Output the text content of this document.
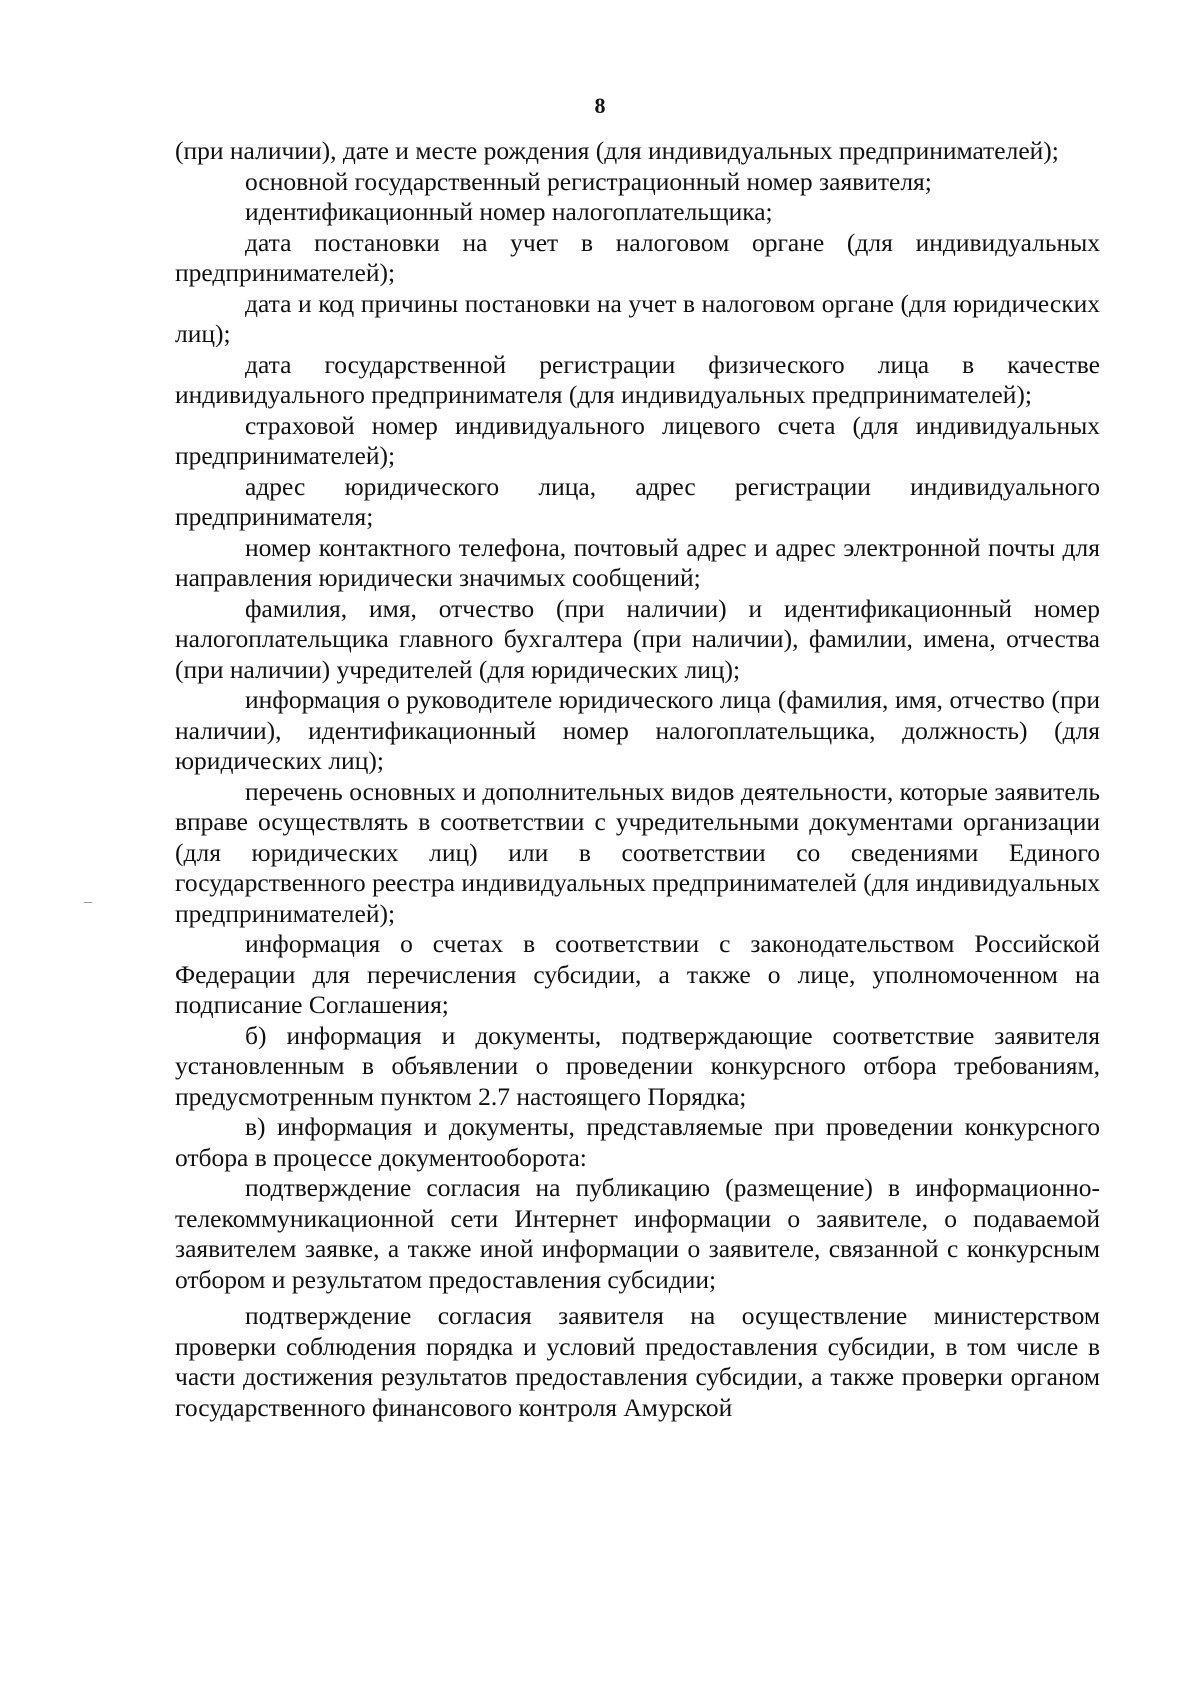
8

(при наличии), дате и месте рождения (для индивидуальных предпринимателей);

основной государственный регистрационный номер заявителя;

идентификационный номер налогоплательщика;

дата постановки на учет в налоговом органе (для индивидуальных предпринимателей);

дата и код причины постановки на учет в налоговом органе (для юридических лиц);

дата государственной регистрации физического лица в качестве индивидуального предпринимателя (для индивидуальных предпринимателей);

страховой номер индивидуального лицевого счета (для индивидуальных предпринимателей);

адрес юридического лица, адрес регистрации индивидуального предпринимателя;

номер контактного телефона, почтовый адрес и адрес электронной почты для направления юридически значимых сообщений;

фамилия, имя, отчество (при наличии) и идентификационный номер налогоплательщика главного бухгалтера (при наличии), фамилии, имена, отчества (при наличии) учредителей (для юридических лиц);

информация о руководителе юридического лица (фамилия, имя, отчество (при наличии), идентификационный номер налогоплательщика, должность) (для юридических лиц);

перечень основных и дополнительных видов деятельности, которые заявитель вправе осуществлять в соответствии с учредительными документами организации (для юридических лиц) или в соответствии со сведениями Единого государственного реестра индивидуальных предпринимателей (для индивидуальных предпринимателей);

информация о счетах в соответствии с законодательством Российской Федерации для перечисления субсидии, а также о лице, уполномоченном на подписание Соглашения;

б) информация и документы, подтверждающие соответствие заявителя установленным в объявлении о проведении конкурсного отбора требованиям, предусмотренным пунктом 2.7 настоящего Порядка;

в) информация и документы, представляемые при проведении конкурсного отбора в процессе документооборота:

подтверждение согласия на публикацию (размещение) в информационно-телекоммуникационной сети Интернет информации о заявителе, о подаваемой заявителем заявке, а также иной информации о заявителе, связанной с конкурсным отбором и результатом предоставления субсидии;

подтверждение согласия заявителя на осуществление министерством проверки соблюдения порядка и условий предоставления субсидии, в том числе в части достижения результатов предоставления субсидии, а также проверки органом государственного финансового контроля Амурской
